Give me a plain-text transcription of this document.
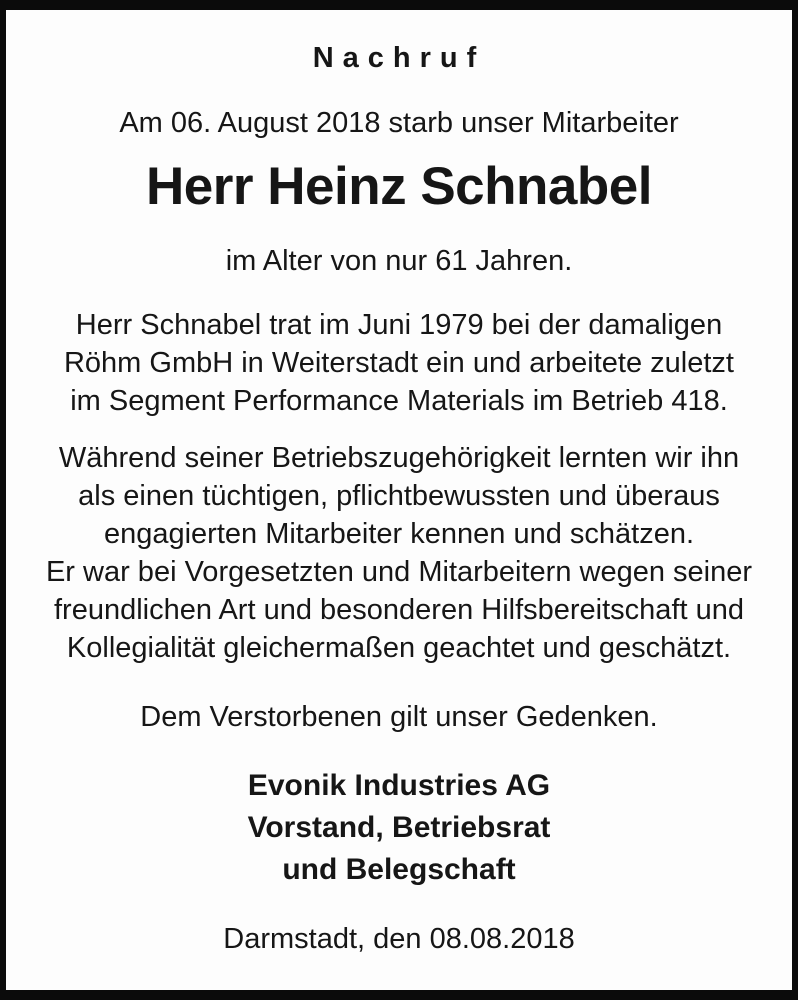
Nachruf
Am 06. August 2018 starb unser Mitarbeiter
Herr Heinz Schnabel
im Alter von nur 61 Jahren.
Herr Schnabel trat im Juni 1979 bei der damaligen
Röhm GmbH in Weiterstadt ein und arbeitete zuletzt
im Segment Performance Materials im Betrieb 418.
Während seiner Betriebszugehörigkeit lernten wir ihn
als einen tüchtigen, pflichtbewussten und überaus
engagierten Mitarbeiter kennen und schätzen.
Er war bei Vorgesetzten und Mitarbeitern wegen seiner
freundlichen Art und besonderen Hilfsbereitschaft und
Kollegialität gleichermaßen geachtet und geschätzt.
Dem Verstorbenen gilt unser Gedenken.
Evonik Industries AG
Vorstand, Betriebsrat
und Belegschaft
Darmstadt, den 08.08.2018
